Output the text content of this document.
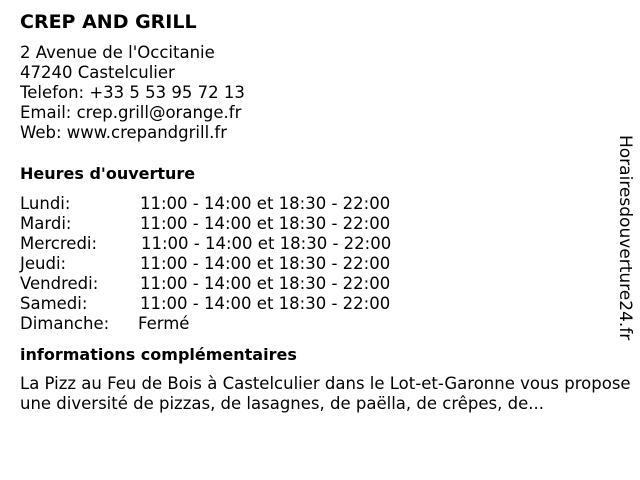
CREP AND GRILL
2 Avenue de l'Occitanie
47240 Castelculier
Telefon: +33 5 53 95 72 13
Email: crep.grill@orange.fr
Web: www.crepandgrill.fr
Heures d'ouverture
Lundi:	11:00 - 14:00 et 18:30 - 22:00
Mardi:	11:00 - 14:00 et 18:30 - 22:00
Mercredi:	11:00 - 14:00 et 18:30 - 22:00
Jeudi:	11:00 - 14:00 et 18:30 - 22:00
Vendredi:	11:00 - 14:00 et 18:30 - 22:00
Samedi:	11:00 - 14:00 et 18:30 - 22:00
Dimanche: Fermé
informations complémentaires
La Pizz au Feu de Bois à Castelculier dans le Lot-et-Garonne vous propose une diversité de pizzas, de lasagnes, de paëlla, de crêpes, de...
Horairesdouverture24.fr
